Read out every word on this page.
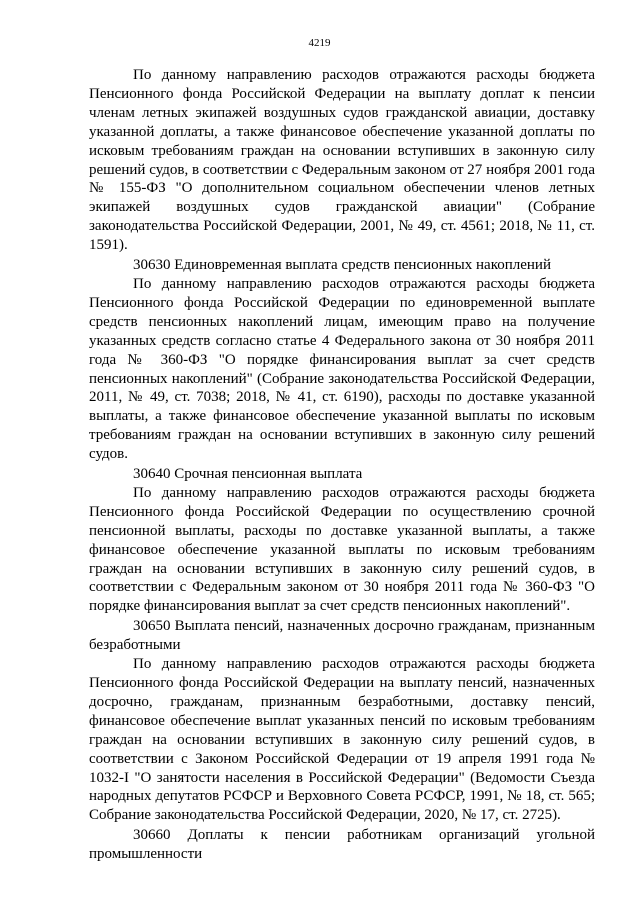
4219

По данному направлению расходов отражаются расходы бюджета Пенсионного фонда Российской Федерации на выплату доплат к пенсии членам летных экипажей воздушных судов гражданской авиации, доставку указанной доплаты, а также финансовое обеспечение указанной доплаты по исковым требованиям граждан на основании вступивших в законную силу решений судов, в соответствии с Федеральным законом от 27 ноября 2001 года № 155-ФЗ "О дополнительном социальном обеспечении членов летных экипажей воздушных судов гражданской авиации" (Собрание законодательства Российской Федерации, 2001, № 49, ст. 4561; 2018, № 11, ст. 1591).

30630 Единовременная выплата средств пенсионных накоплений

По данному направлению расходов отражаются расходы бюджета Пенсионного фонда Российской Федерации по единовременной выплате средств пенсионных накоплений лицам, имеющим право на получение указанных средств согласно статье 4 Федерального закона от 30 ноября 2011 года № 360-ФЗ "О порядке финансирования выплат за счет средств пенсионных накоплений" (Собрание законодательства Российской Федерации, 2011, № 49, ст. 7038; 2018, № 41, ст. 6190), расходы по доставке указанной выплаты, а также финансовое обеспечение указанной выплаты по исковым требованиям граждан на основании вступивших в законную силу решений судов.

30640 Срочная пенсионная выплата

По данному направлению расходов отражаются расходы бюджета Пенсионного фонда Российской Федерации по осуществлению срочной пенсионной выплаты, расходы по доставке указанной выплаты, а также финансовое обеспечение указанной выплаты по исковым требованиям граждан на основании вступивших в законную силу решений судов, в соответствии с Федеральным законом от 30 ноября 2011 года № 360-ФЗ "О порядке финансирования выплат за счет средств пенсионных накоплений".

30650 Выплата пенсий, назначенных досрочно гражданам, признанным безработными

По данному направлению расходов отражаются расходы бюджета Пенсионного фонда Российской Федерации на выплату пенсий, назначенных досрочно, гражданам, признанным безработными, доставку пенсий, финансовое обеспечение выплат указанных пенсий по исковым требованиям граждан на основании вступивших в законную силу решений судов, в соответствии с Законом Российской Федерации от 19 апреля 1991 года № 1032-I "О занятости населения в Российской Федерации" (Ведомости Съезда народных депутатов РСФСР и Верховного Совета РСФСР, 1991, № 18, ст. 565; Собрание законодательства Российской Федерации, 2020, № 17, ст. 2725).

30660 Доплаты к пенсии работникам организаций угольной промышленности
